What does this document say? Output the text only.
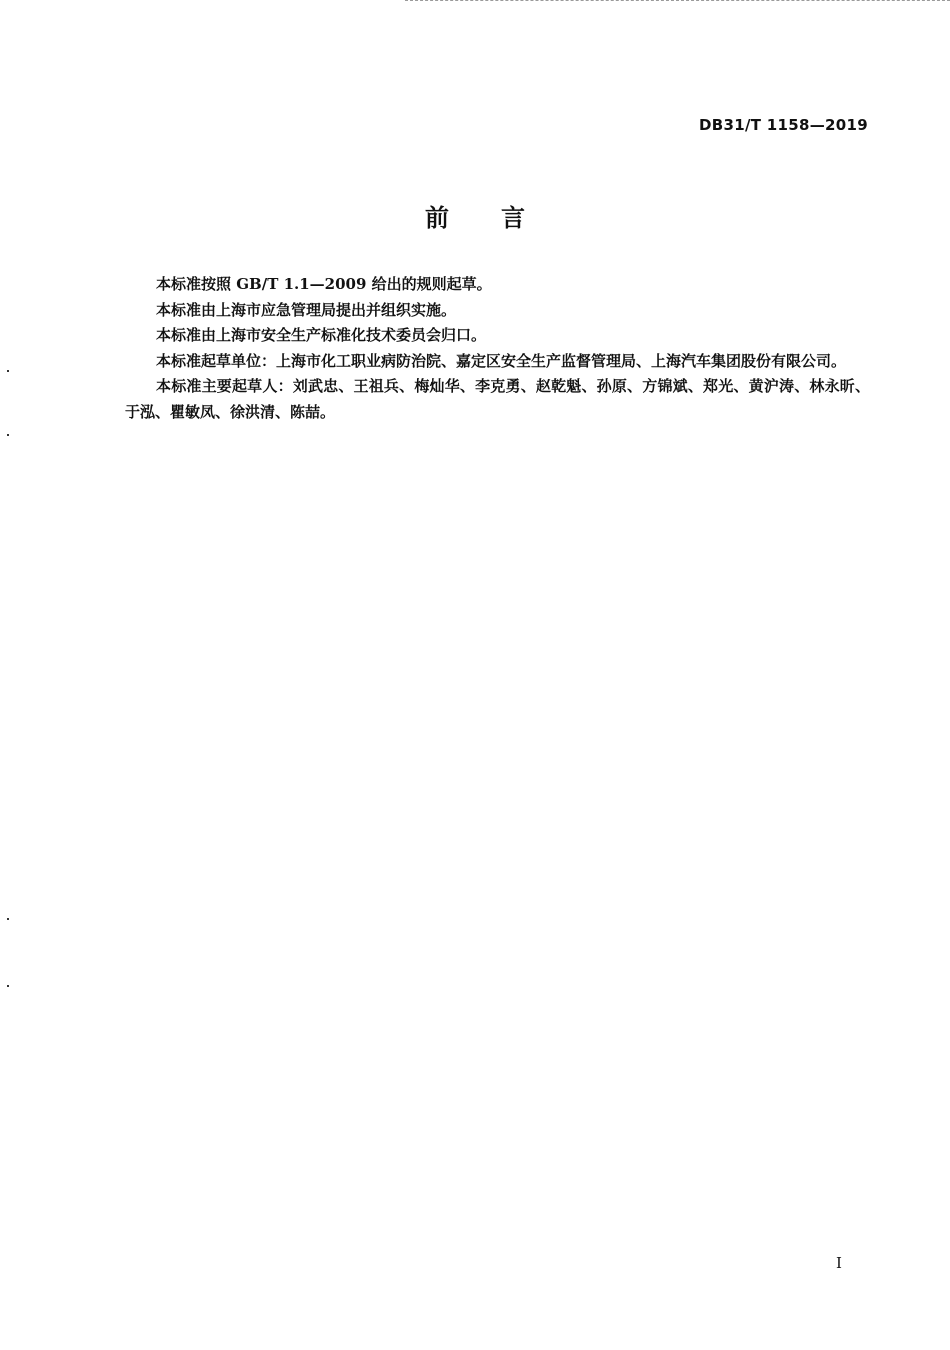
DB31/T 1158—2019
前言

本标准按照 GB/T 1.1—2009 给出的规则起草。

本标准由上海市应急管理局提出并组织实施。

本标准由上海市安全生产标准化技术委员会归口。

本标准起草单位：上海市化工职业病防治院、嘉定区安全生产监督管理局、上海汽车集团股份有限公司。

本标准主要起草人：刘武忠、王祖兵、梅灿华、李克勇、赵乾魁、孙原、方锦斌、郑光、黄沪涛、林永昕、于泓、瞿敏凤、徐洪清、陈喆。

I
